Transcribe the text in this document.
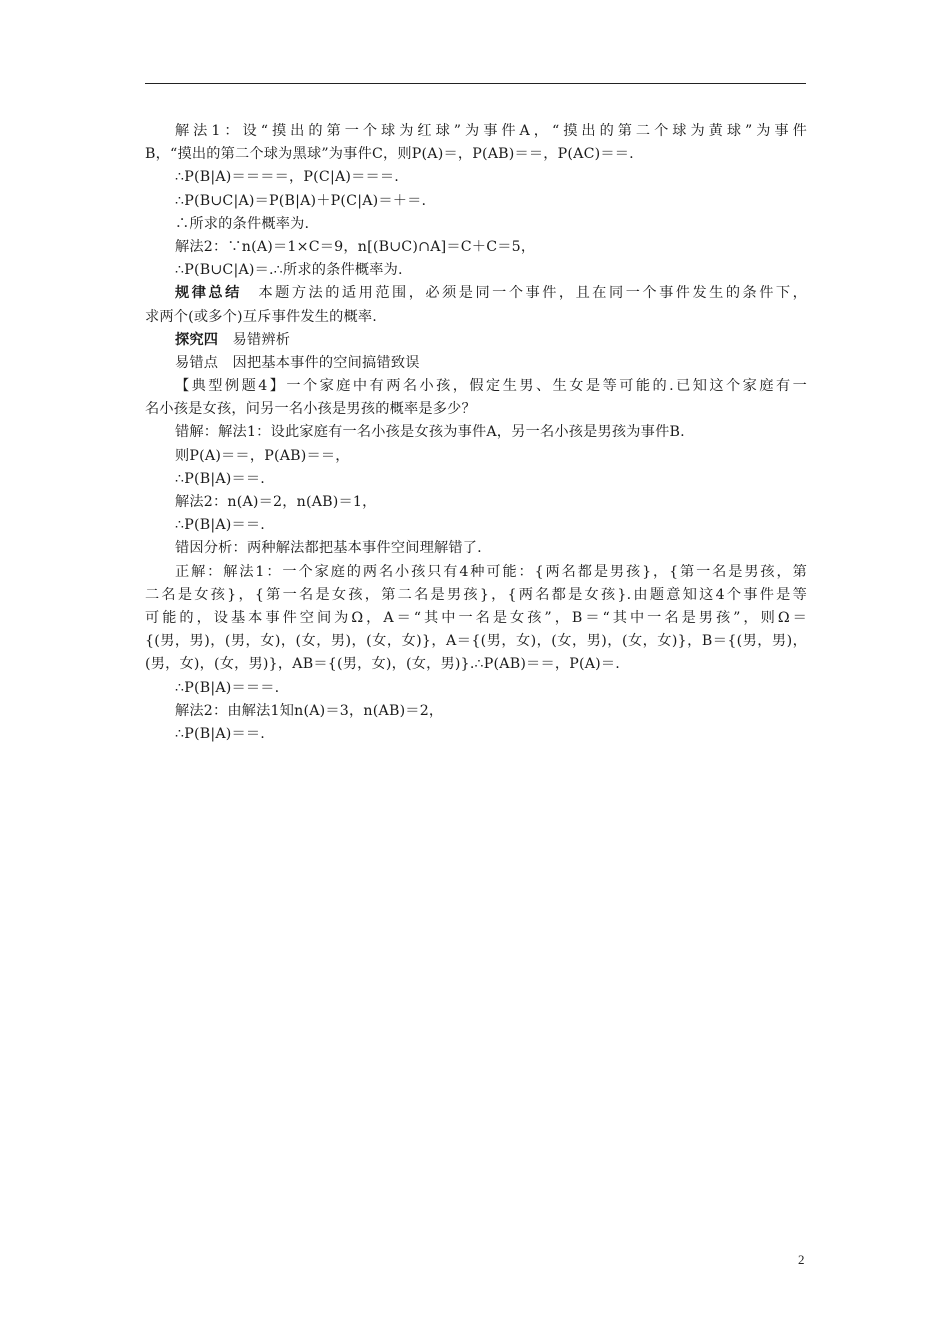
解法1：设“摸出的第一个球为红球”为事件A，“摸出的第二个球为黄球”为事件
B，“摸出的第二个球为黑球”为事件C，则P(A)＝，P(AB)＝＝，P(AC)＝＝.
∴P(B|A)＝＝＝＝，P(C|A)＝＝＝.
∴P(B∪C|A)＝P(B|A)＋P(C|A)＝＋＝.
∴所求的条件概率为.
解法2：∵n(A)＝1×C＝9，n[(B∪C)∩A]＝C＋C＝5，
∴P(B∪C|A)＝.∴所求的条件概率为.
规律总结　本题方法的适用范围，必须是同一个事件，且在同一个事件发生的条件下，
求两个(或多个)互斥事件发生的概率.
探究四　易错辨析
易错点　因把基本事件的空间搞错致误
【典型例题4】一个家庭中有两名小孩，假定生男、生女是等可能的.已知这个家庭有一
名小孩是女孩，问另一名小孩是男孩的概率是多少？
错解：解法1：设此家庭有一名小孩是女孩为事件A，另一名小孩是男孩为事件B.
则P(A)＝＝，P(AB)＝＝，
∴P(B|A)＝＝.
解法2：n(A)＝2，n(AB)＝1，
∴P(B|A)＝＝.
错因分析：两种解法都把基本事件空间理解错了.
正解：解法1：一个家庭的两名小孩只有4种可能：{两名都是男孩}，{第一名是男孩，第
二名是女孩}，{第一名是女孩，第二名是男孩}，{两名都是女孩}.由题意知这4个事件是等
可能的，设基本事件空间为Ω，A＝“其中一名是女孩”，B＝“其中一名是男孩”，则Ω＝
{(男，男)，(男，女)，(女，男)，(女，女)}，A＝{(男，女)，(女，男)，(女，女)}，B＝{(男，男)，
(男，女)，(女，男)}，AB＝{(男，女)，(女，男)}.∴P(AB)＝＝，P(A)＝.
∴P(B|A)＝＝＝.
解法2：由解法1知n(A)＝3，n(AB)＝2，
∴P(B|A)＝＝.
2
